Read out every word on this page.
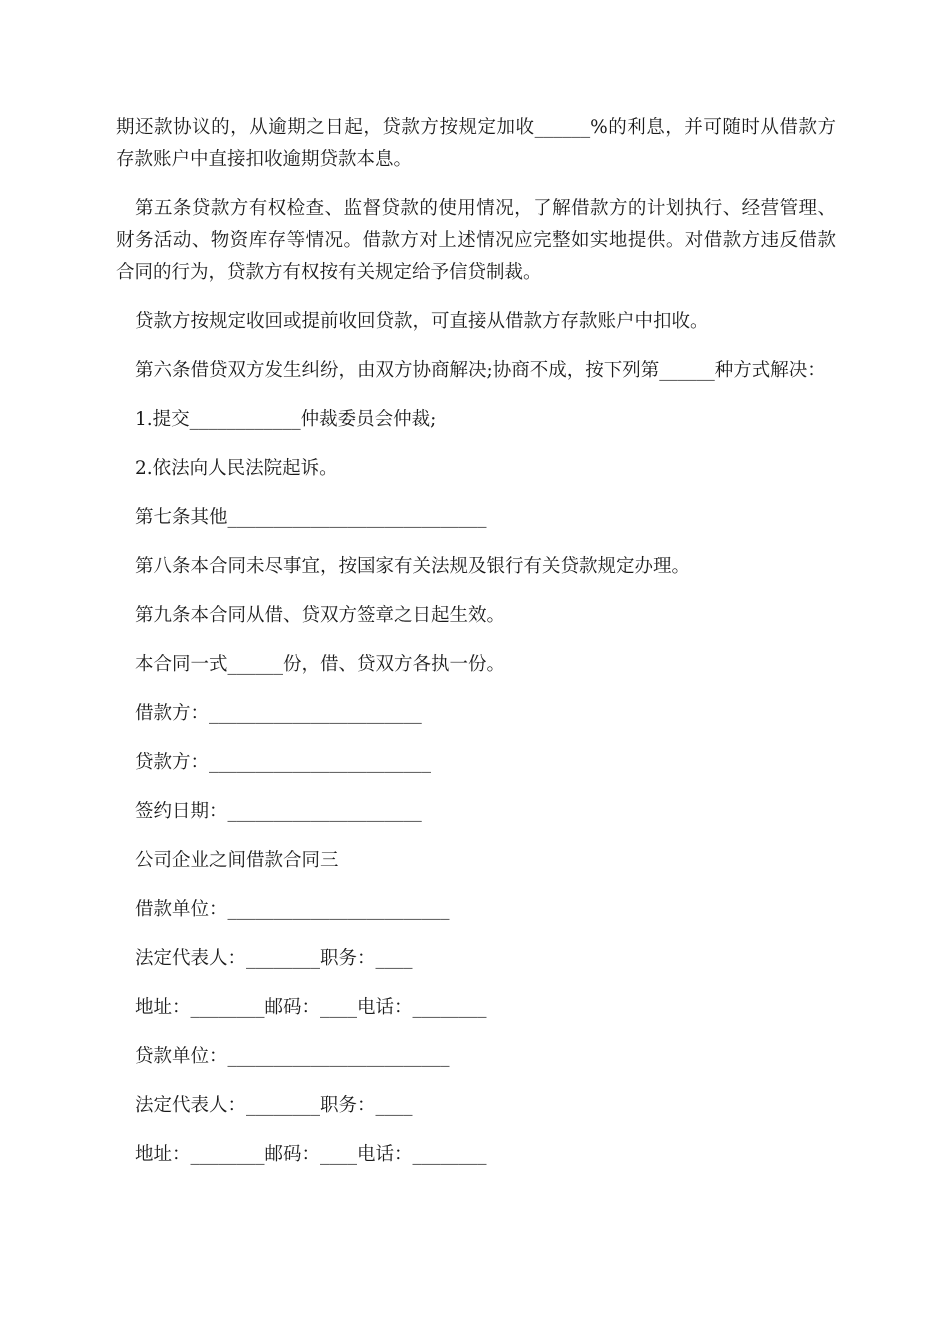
期还款协议的，从逾期之日起，贷款方按规定加收______%的利息，并可随时从借款方存款账户中直接扣收逾期贷款本息。

第五条贷款方有权检查、监督贷款的使用情况，了解借款方的计划执行、经营管理、财务活动、物资库存等情况。借款方对上述情况应完整如实地提供。对借款方违反借款合同的行为，贷款方有权按有关规定给予信贷制裁。

贷款方按规定收回或提前收回贷款，可直接从借款方存款账户中扣收。

第六条借贷双方发生纠纷，由双方协商解决;协商不成，按下列第______种方式解决：

1.提交____________仲裁委员会仲裁;

2.依法向人民法院起诉。

第七条其他____________________________

第八条本合同未尽事宜，按国家有关法规及银行有关贷款规定办理。

第九条本合同从借、贷双方签章之日起生效。

本合同一式______份，借、贷双方各执一份。

借款方：_______________________

贷款方：________________________

签约日期：_____________________

公司企业之间借款合同三

借款单位：________________________

法定代表人：________职务：____

地址：________邮码：____电话：________

贷款单位：________________________

法定代表人：________职务：____

地址：________邮码：____电话：________
